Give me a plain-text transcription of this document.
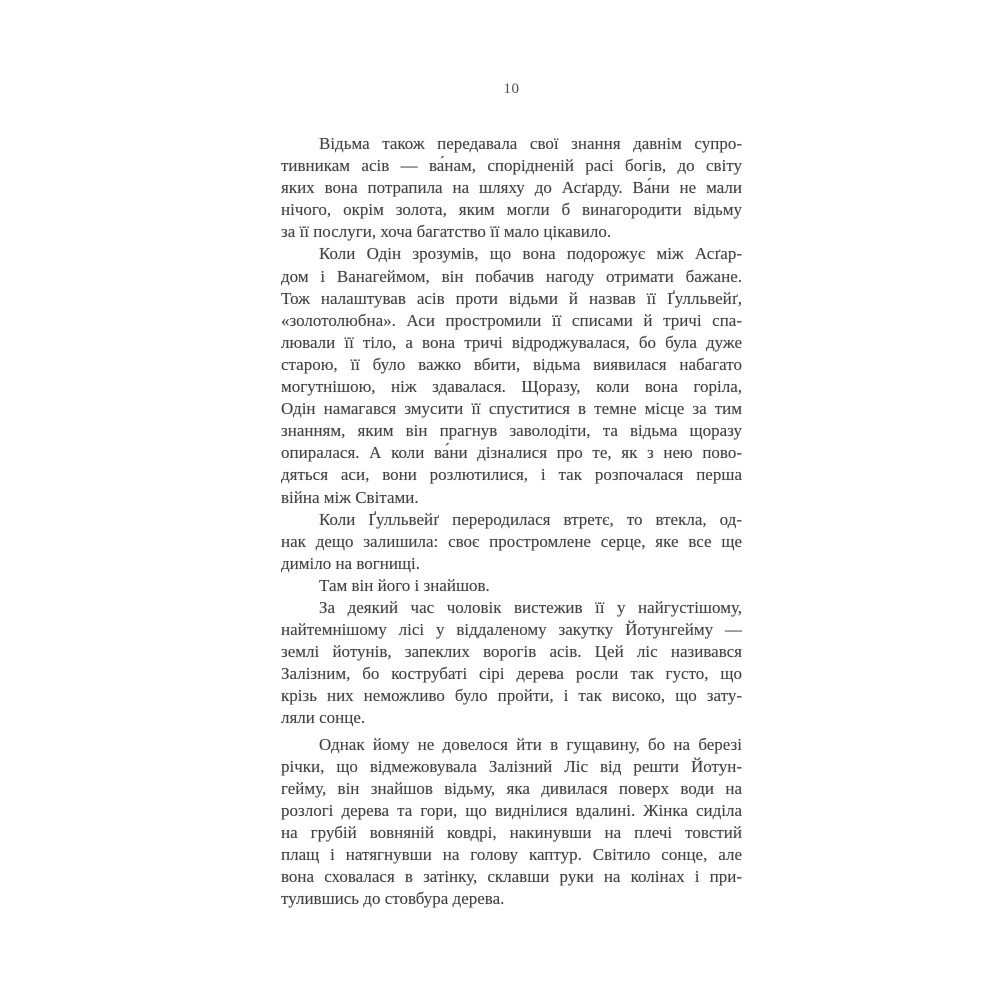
10
Відьма також передавала свої знання давнім супро-
тивникам асів — ва́нам, спорідненій расі богів, до світу
яких вона потрапила на шляху до Асґарду. Ва́ни не мали
нічого, окрім золота, яким могли б винагородити відьму
за її послуги, хоча багатство її мало цікавило.
Коли Одін зрозумів, що вона подорожує між Асґар-
дом і Ванагеймом, він побачив нагоду отримати бажане.
Тож налаштував асів проти відьми й назвав її Ґулльвейґ,
«золотолюбна». Аси простромили її списами й тричі спа-
лювали її тіло, а вона тричі відроджувалася, бо була дуже
старою, її було важко вбити, відьма виявилася набагато
могутнішою, ніж здавалася. Щоразу, коли вона горіла,
Одін намагався змусити її спуститися в темне місце за тим
знанням, яким він прагнув заволодіти, та відьма щоразу
опиралася. А коли ва́ни дізналися про те, як з нею пово-
дяться аси, вони розлютилися, і так розпочалася перша
війна між Світами.
Коли Ґулльвейґ переродилася втретє, то втекла, од-
нак дещо залишила: своє простромлене серце, яке все ще
диміло на вогнищі.
Там він його і знайшов.
За деякий час чоловік вистежив її у найгустішому,
найтемнішому лісі у віддаленому закутку Йотунгейму —
землі йотунів, запеклих ворогів асів. Цей ліс називався
Залізним, бо кострубаті сірі дерева росли так густо, що
крізь них неможливо було пройти, і так високо, що зату-
ляли сонце.
Однак йому не довелося йти в гущавину, бо на березі
річки, що відмежовувала Залізний Ліс від решти Йотун-
гейму, він знайшов відьму, яка дивилася поверх води на
розлогі дерева та гори, що виднілися вдалині. Жінка сиділа
на грубій вовняній ковдрі, накинувши на плечі товстий
плащ і натягнувши на голову каптур. Світило сонце, але
вона сховалася в затінку, склавши руки на колінах і при-
тулившись до стовбура дерева.
